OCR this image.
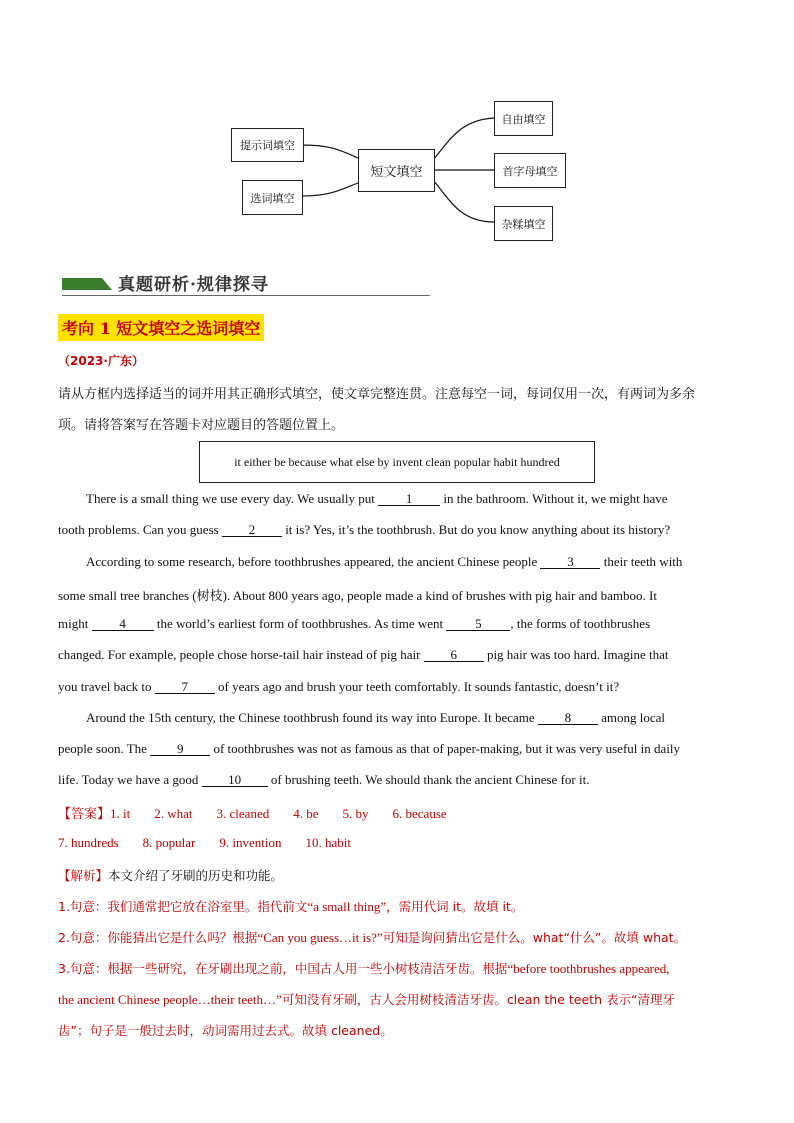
提示词填空
选词填空
短文填空
自由填空
首字母填空
杂糅填空
真题研析·规律探寻
考向 1 短文填空之选词填空
（2023·广东）
请从方框内选择适当的词并用其正确形式填空，使文章完整连贯。注意每空一词，每词仅用一次，有两词为多余
项。请将答案写在答题卡对应题目的答题位置上。
it either be because what else by invent clean popular habit hundred
There is a small thing we use every day. We usually put 1 in the bathroom. Without it, we might have
tooth problems. Can you guess 2 it is? Yes, it’s the toothbrush. But do you know anything about its history?
According to some research, before toothbrushes appeared, the ancient Chinese people 3 their teeth with
some small tree branches (树枝). About 800 years ago, people made a kind of brushes with pig hair and bamboo. It
might 4 the world’s earliest form of toothbrushes. As time went 5 , the forms of toothbrushes
changed. For example, people chose horse-tail hair instead of pig hair 6 pig hair was too hard. Imagine that
you travel back to 7 of years ago and brush your teeth comfortably. It sounds fantastic, doesn’t it?
Around the 15th century, the Chinese toothbrush found its way into Europe. It became 8 among local
people soon. The 9 of toothbrushes was not as famous as that of paper-making, but it was very useful in daily
life. Today we have a good 10 of brushing teeth. We should thank the ancient Chinese for it.
【答案】1. it 2. what 3. cleaned 4. be 5. by 6. because
7. hundreds 8. popular 9. invention 10. habit
【解析】本文介绍了牙刷的历史和功能。
1.句意：我们通常把它放在浴室里。指代前文“a small thing”，需用代词 it。故填 it。
2.句意：你能猜出它是什么吗？根据“Can you guess…it is?”可知是询问猜出它是什么。what“什么”。故填 what。
3.句意：根据一些研究，在牙刷出现之前，中国古人用一些小树枝清洁牙齿。根据“before toothbrushes appeared,
the ancient Chinese people…their teeth…”可知没有牙刷，古人会用树枝清洁牙齿。clean the teeth 表示“清理牙
齿”；句子是一般过去时，动词需用过去式。故填 cleaned。
